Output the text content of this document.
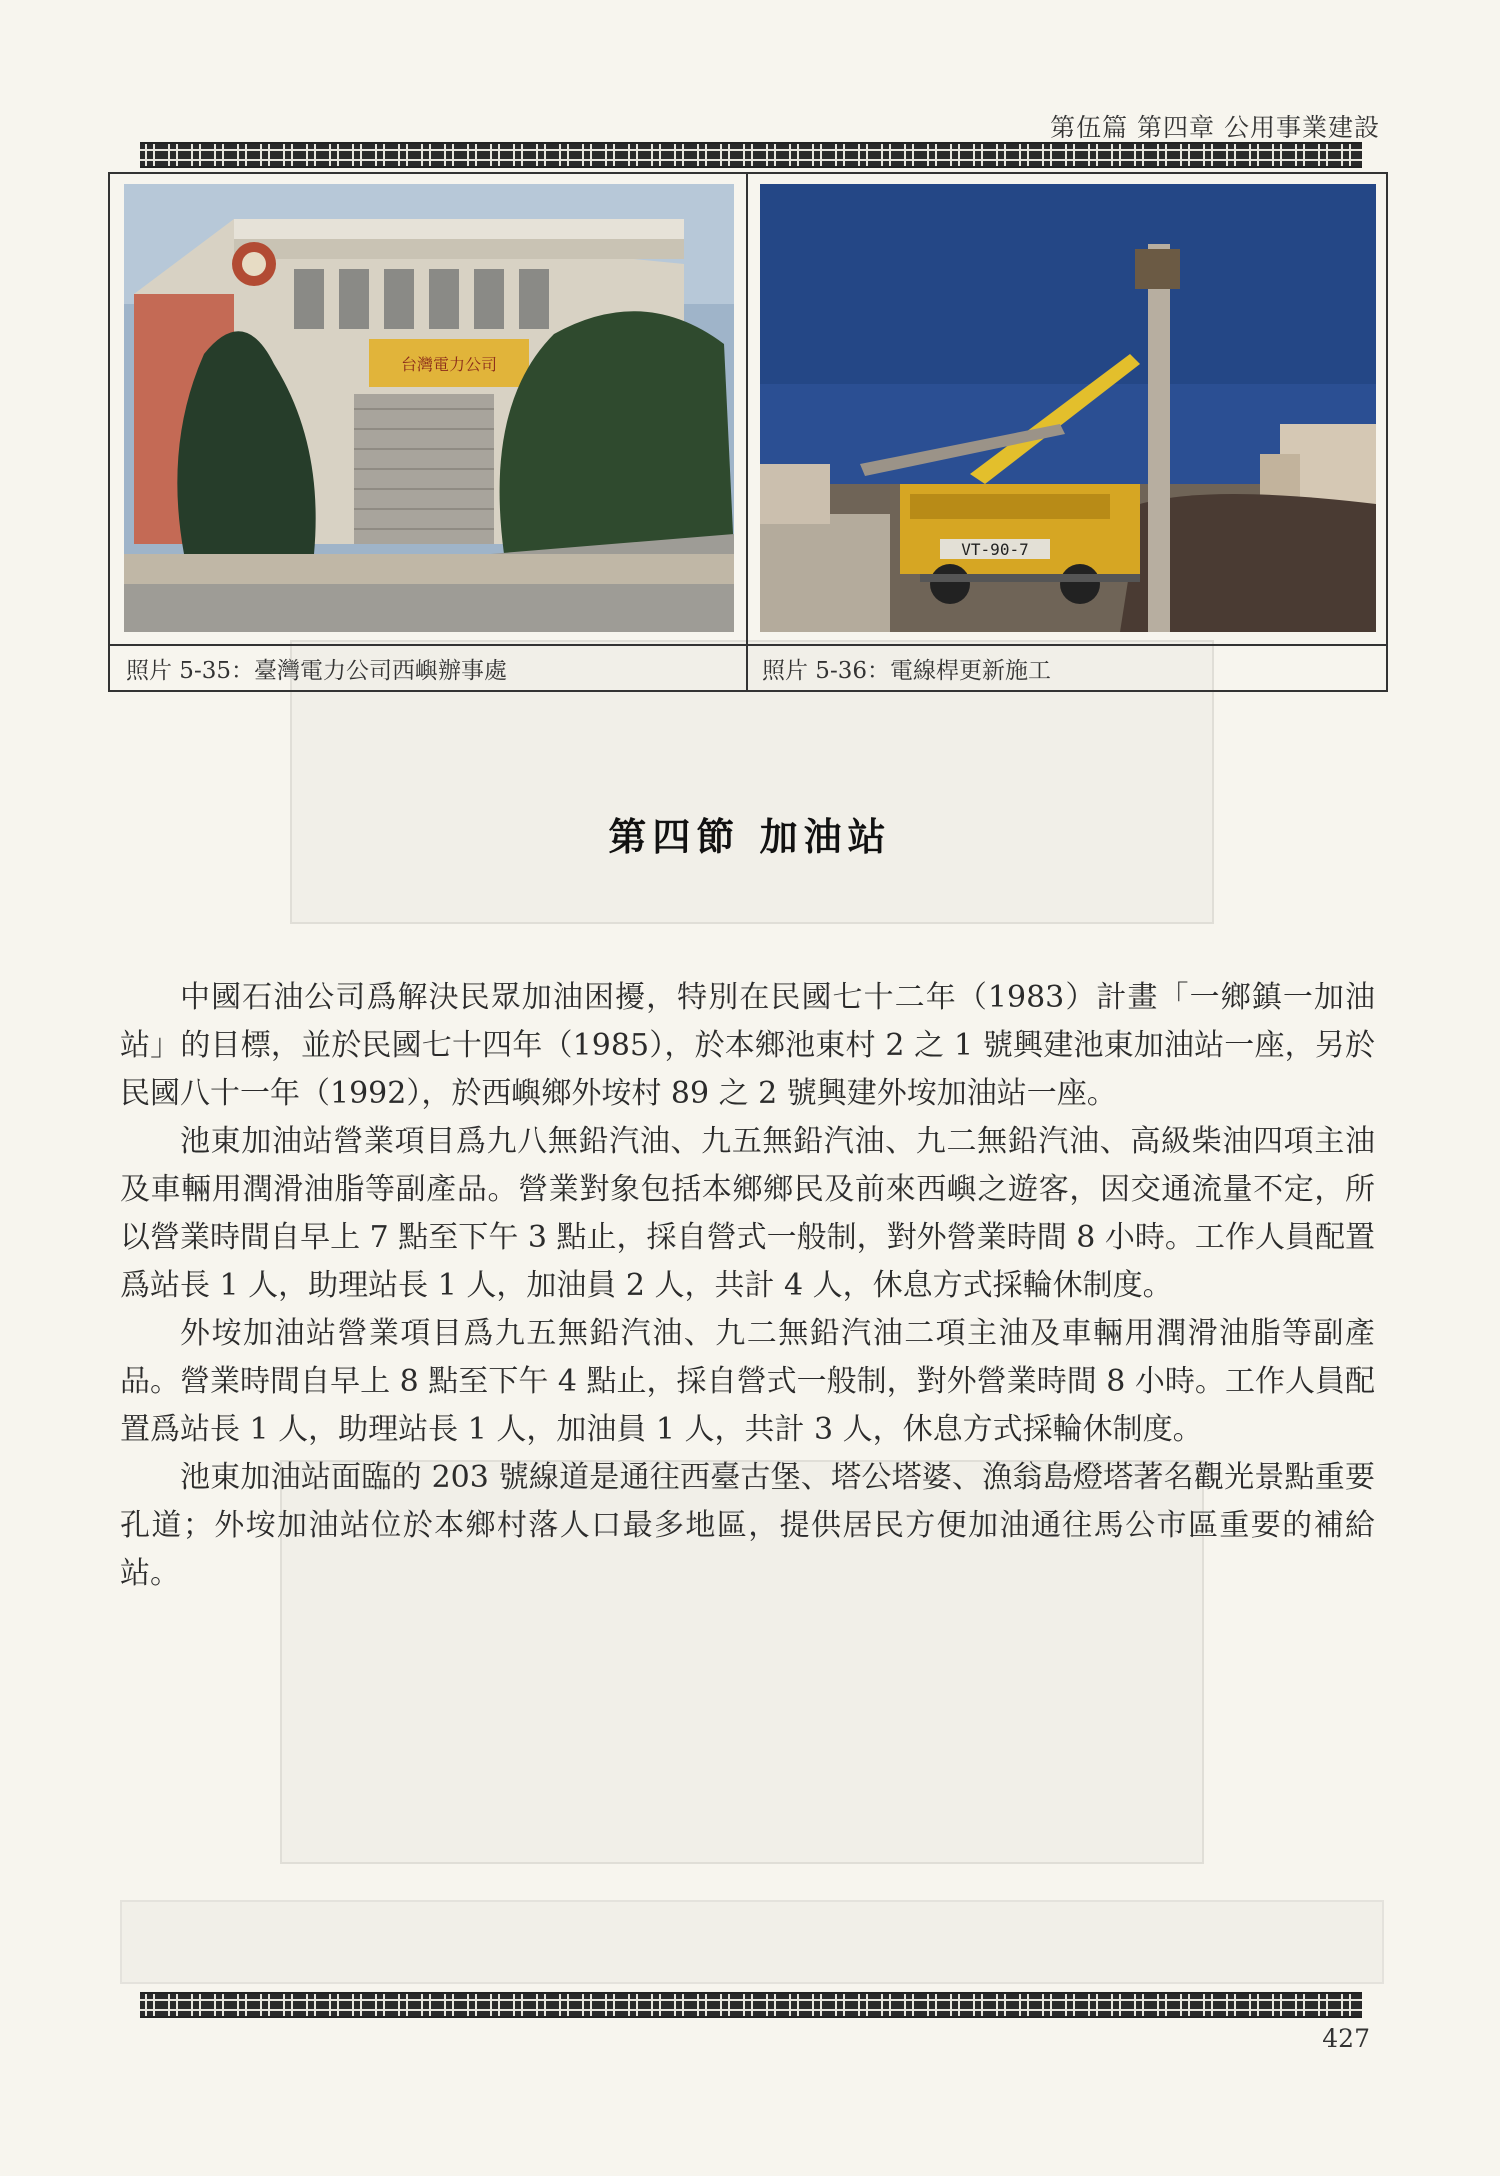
第伍篇 第四章 公用事業建設
台灣電力公司
VT-90-7
照片 5-35：臺灣電力公司西嶼辦事處	照片 5-36：電線桿更新施工
第四節 加油站

中國石油公司爲解決民眾加油困擾，特別在民國七十二年（1983）計畫「一鄉鎮一加油站」的目標，並於民國七十四年（1985），於本鄉池東村 2 之 1 號興建池東加油站一座，另於民國八十一年（1992），於西嶼鄉外垵村 89 之 2 號興建外垵加油站一座。

池東加油站營業項目爲九八無鉛汽油、九五無鉛汽油、九二無鉛汽油、高級柴油四項主油及車輛用潤滑油脂等副產品。營業對象包括本鄉鄉民及前來西嶼之遊客，因交通流量不定，所以營業時間自早上 7 點至下午 3 點止，採自營式一般制，對外營業時間 8 小時。工作人員配置爲站長 1 人，助理站長 1 人，加油員 2 人，共計 4 人，休息方式採輪休制度。

外垵加油站營業項目爲九五無鉛汽油、九二無鉛汽油二項主油及車輛用潤滑油脂等副產品。營業時間自早上 8 點至下午 4 點止，採自營式一般制，對外營業時間 8 小時。工作人員配置爲站長 1 人，助理站長 1 人，加油員 1 人，共計 3 人，休息方式採輪休制度。

池東加油站面臨的 203 號線道是通往西臺古堡、塔公塔婆、漁翁島燈塔著名觀光景點重要孔道；外垵加油站位於本鄉村落人口最多地區，提供居民方便加油通往馬公市區重要的補給站。

427
